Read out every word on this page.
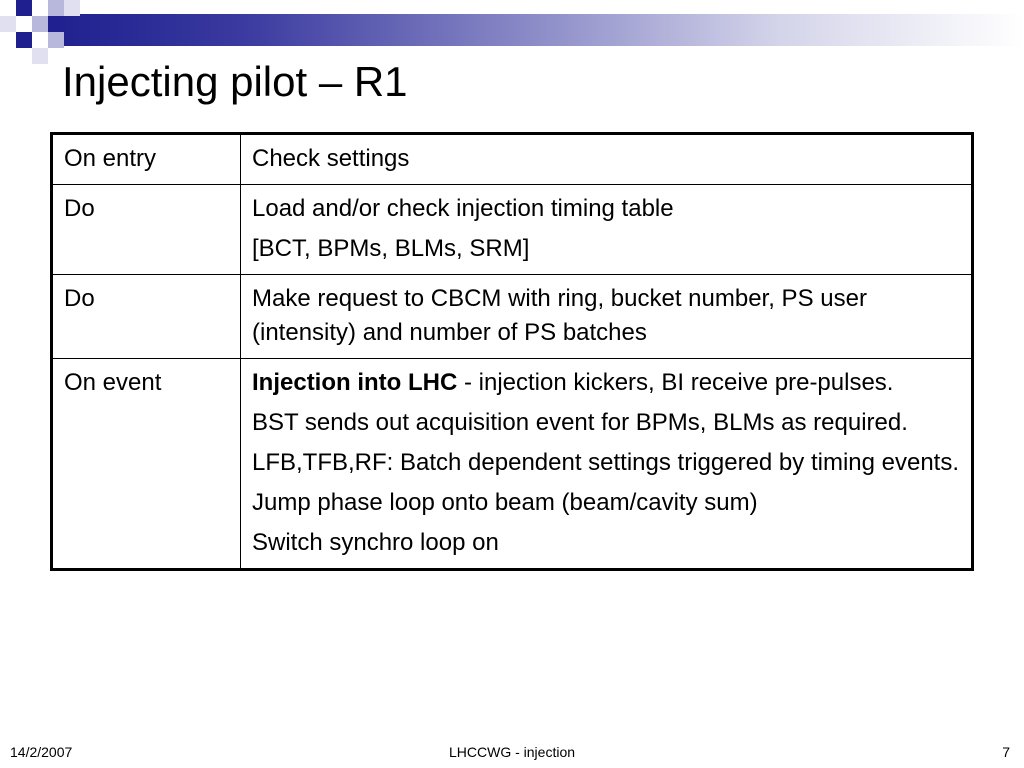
Injecting pilot – R1
On entry	Check settings

Do	Load and/or check injection timing table

[BCT, BPMs, BLMs, SRM]

Do	Make request to CBCM with ring, bucket number, PS user (intensity) and number of PS batches

On event	Injection into LHC - injection kickers, BI receive pre-pulses.

BST sends out acquisition event for BPMs, BLMs as required.

LFB,TFB,RF: Batch dependent settings triggered by timing events.

Jump phase loop onto beam (beam/cavity sum)

Switch synchro loop on

14/2/2007	LHCCWG - injection	7
